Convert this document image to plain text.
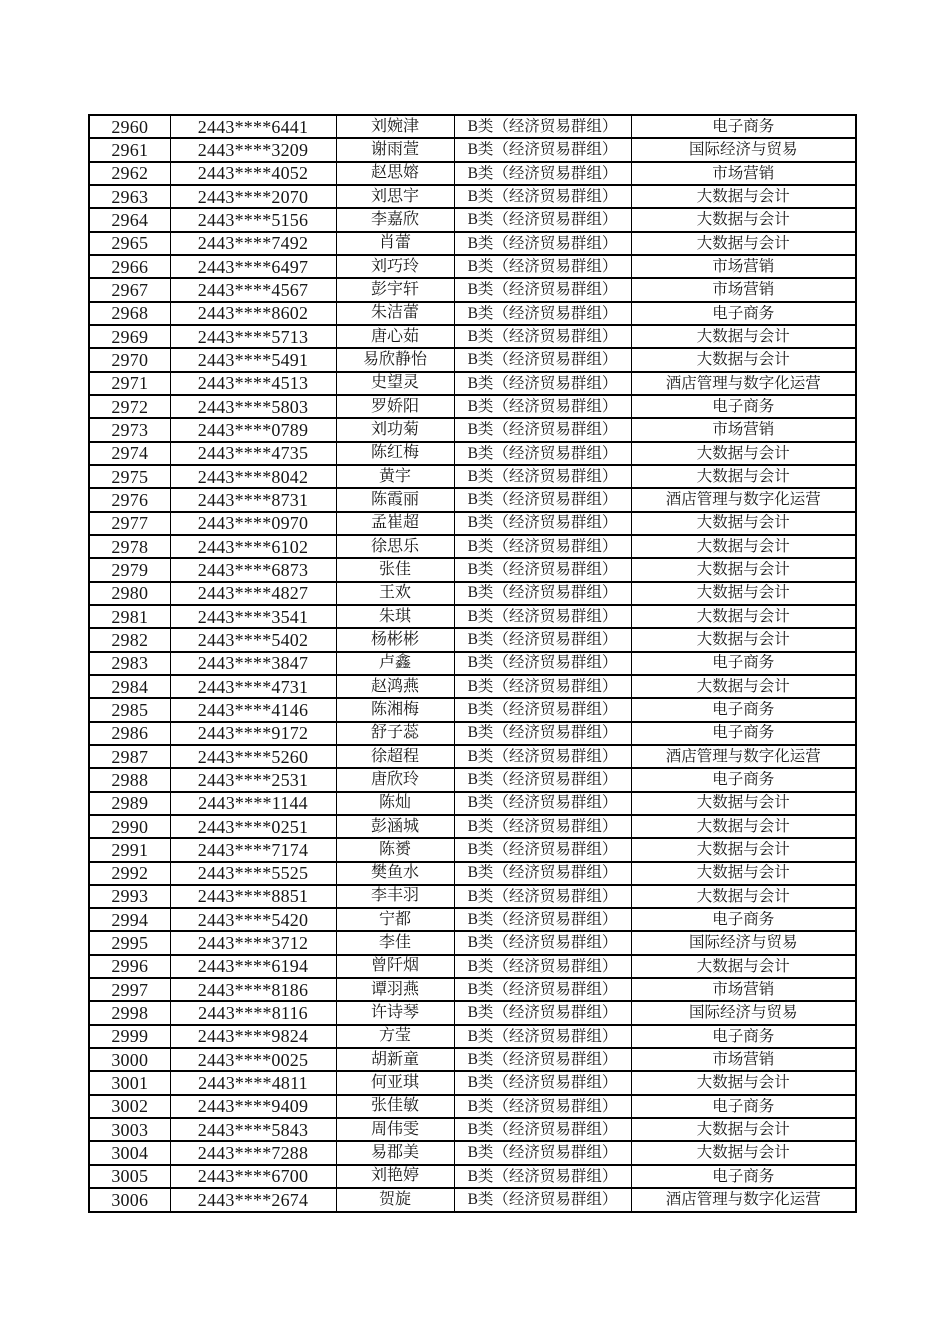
2960	2443****6441	刘婉津	B类（经济贸易群组）	电子商务
2961	2443****3209	谢雨萱	B类（经济贸易群组）	国际经济与贸易
2962	2443****4052	赵思嫆	B类（经济贸易群组）	市场营销
2963	2443****2070	刘思宇	B类（经济贸易群组）	大数据与会计
2964	2443****5156	李嘉欣	B类（经济贸易群组）	大数据与会计
2965	2443****7492	肖蕾	B类（经济贸易群组）	大数据与会计
2966	2443****6497	刘巧玲	B类（经济贸易群组）	市场营销
2967	2443****4567	彭宇轩	B类（经济贸易群组）	市场营销
2968	2443****8602	朱洁蕾	B类（经济贸易群组）	电子商务
2969	2443****5713	唐心茹	B类（经济贸易群组）	大数据与会计
2970	2443****5491	易欣静怡	B类（经济贸易群组）	大数据与会计
2971	2443****4513	史望灵	B类（经济贸易群组）	酒店管理与数字化运营
2972	2443****5803	罗娇阳	B类（经济贸易群组）	电子商务
2973	2443****0789	刘功菊	B类（经济贸易群组）	市场营销
2974	2443****4735	陈红梅	B类（经济贸易群组）	大数据与会计
2975	2443****8042	黄宇	B类（经济贸易群组）	大数据与会计
2976	2443****8731	陈霞丽	B类（经济贸易群组）	酒店管理与数字化运营
2977	2443****0970	孟崔超	B类（经济贸易群组）	大数据与会计
2978	2443****6102	徐思乐	B类（经济贸易群组）	大数据与会计
2979	2443****6873	张佳	B类（经济贸易群组）	大数据与会计
2980	2443****4827	王欢	B类（经济贸易群组）	大数据与会计
2981	2443****3541	朱琪	B类（经济贸易群组）	大数据与会计
2982	2443****5402	杨彬彬	B类（经济贸易群组）	大数据与会计
2983	2443****3847	卢鑫	B类（经济贸易群组）	电子商务
2984	2443****4731	赵鸿燕	B类（经济贸易群组）	大数据与会计
2985	2443****4146	陈湘梅	B类（经济贸易群组）	电子商务
2986	2443****9172	舒子蕊	B类（经济贸易群组）	电子商务
2987	2443****5260	徐超程	B类（经济贸易群组）	酒店管理与数字化运营
2988	2443****2531	唐欣玲	B类（经济贸易群组）	电子商务
2989	2443****1144	陈灿	B类（经济贸易群组）	大数据与会计
2990	2443****0251	彭涵城	B类（经济贸易群组）	大数据与会计
2991	2443****7174	陈赟	B类（经济贸易群组）	大数据与会计
2992	2443****5525	樊鱼水	B类（经济贸易群组）	大数据与会计
2993	2443****8851	李丰羽	B类（经济贸易群组）	大数据与会计
2994	2443****5420	宁都	B类（经济贸易群组）	电子商务
2995	2443****3712	李佳	B类（经济贸易群组）	国际经济与贸易
2996	2443****6194	曾阡烟	B类（经济贸易群组）	大数据与会计
2997	2443****8186	谭羽燕	B类（经济贸易群组）	市场营销
2998	2443****8116	许诗琴	B类（经济贸易群组）	国际经济与贸易
2999	2443****9824	方莹	B类（经济贸易群组）	电子商务
3000	2443****0025	胡新童	B类（经济贸易群组）	市场营销
3001	2443****4811	何亚琪	B类（经济贸易群组）	大数据与会计
3002	2443****9409	张佳敏	B类（经济贸易群组）	电子商务
3003	2443****5843	周伟雯	B类（经济贸易群组）	大数据与会计
3004	2443****7288	易郡美	B类（经济贸易群组）	大数据与会计
3005	2443****6700	刘艳婷	B类（经济贸易群组）	电子商务
3006	2443****2674	贺旋	B类（经济贸易群组）	酒店管理与数字化运营
